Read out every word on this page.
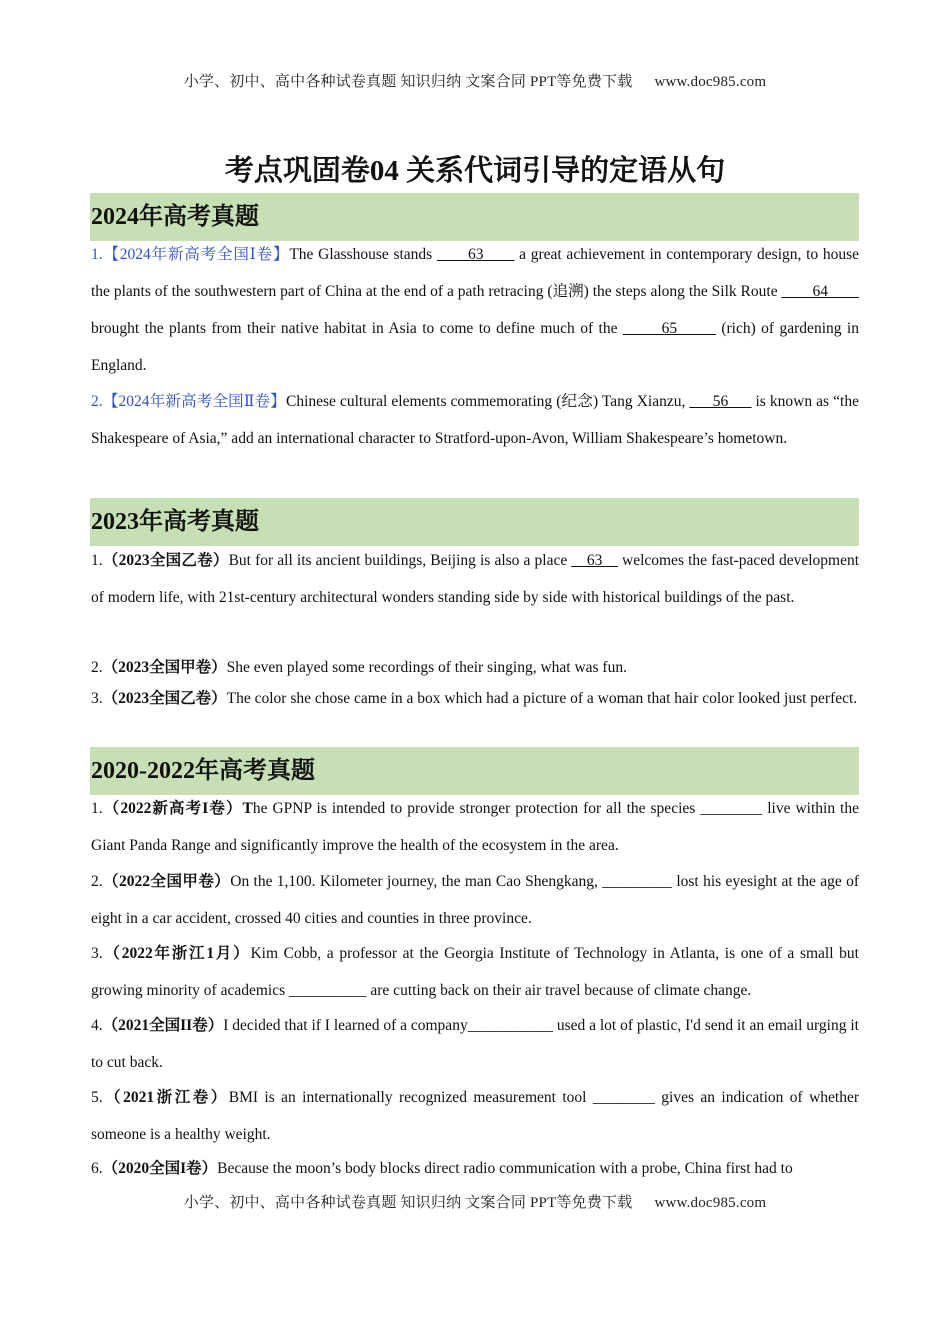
小学、初中、高中各种试卷真题 知识归纳 文案合同 PPT等免费下载 www.doc985.com
考点巩固卷04 关系代词引导的定语从句
2024年高考真题
1.【2024年新高考全国Ⅰ卷】The Glasshouse stands ____63____ a great achievement in contemporary design, to house the plants of the southwestern part of China at the end of a path retracing (追溯) the steps along the Silk Route ____64____ brought the plants from their native habitat in Asia to come to define much of the _____65_____ (rich) of gardening in England.
2.【2024年新高考全国Ⅱ卷】Chinese cultural elements commemorating (纪念) Tang Xianzu, ___56___ is known as “the Shakespeare of Asia,” add an international character to Stratford-upon-Avon, William Shakespeare’s hometown.
2023年高考真题
1.（2023全国乙卷）But for all its ancient buildings, Beijing is also a place __63__ welcomes the fast-paced development of modern life, with 21st-century architectural wonders standing side by side with historical buildings of the past.
2.（2023全国甲卷）She even played some recordings of their singing, what was fun.
3.（2023全国乙卷）The color she chose came in a box which had a picture of a woman that hair color looked just perfect.
2020-2022年高考真题
1.（2022新高考I卷）The GPNP is intended to provide stronger protection for all the species ________ live within the Giant Panda Range and significantly improve the health of the ecosystem in the area.
2.（2022全国甲卷）On the 1,100. Kilometer journey, the man Cao Shengkang, _________ lost his eyesight at the age of eight in a car accident, crossed 40 cities and counties in three province.
3.（2022年浙江1月）Kim Cobb, a professor at the Georgia Institute of Technology in Atlanta, is one of a small but growing minority of academics __________ are cutting back on their air travel because of climate change.
4.（2021全国II卷）I decided that if I learned of a company___________ used a lot of plastic, I'd send it an email urging it to cut back.
5.（2021浙江卷）BMI is an internationally recognized measurement tool ________ gives an indication of whether someone is a healthy weight.
6.（2020全国I卷）Because the moon’s body blocks direct radio communication with a probe, China first had to
小学、初中、高中各种试卷真题 知识归纳 文案合同 PPT等免费下载 www.doc985.com
